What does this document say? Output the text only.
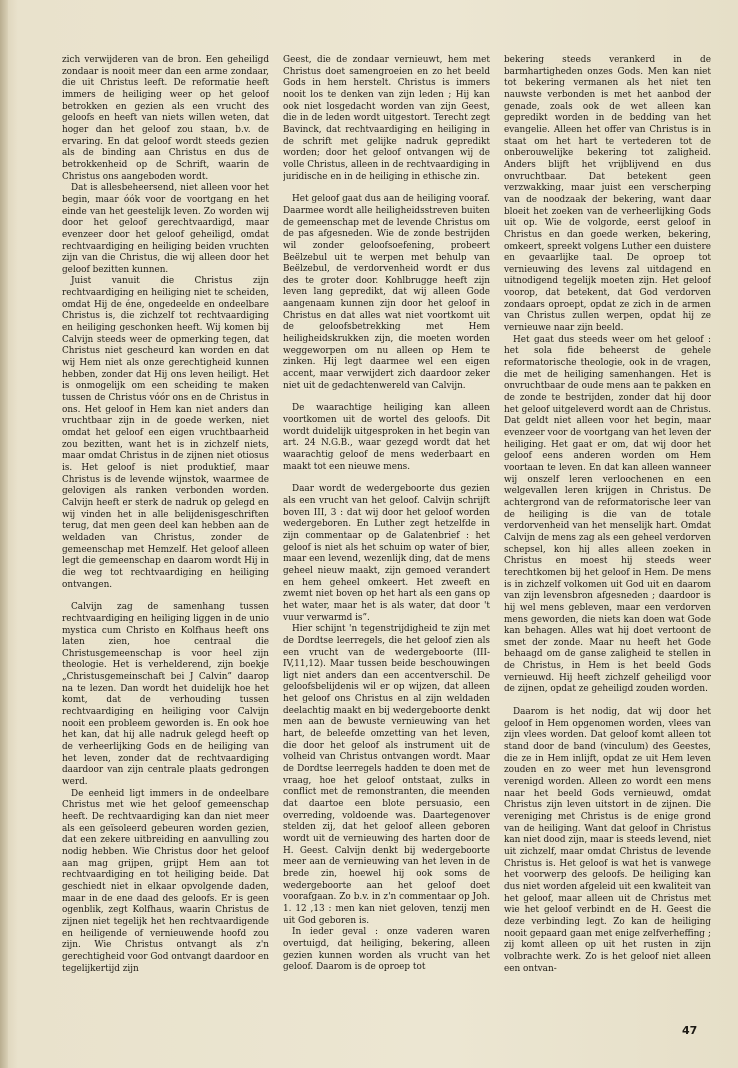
zich verwijderen van de bron. Een geheiligd zondaar is nooit meer dan een arme zondaar, die uit Christus leeft. De reformatie heeft immers de heiliging weer op het geloof betrokken en gezien als een vrucht des geloofs en heeft van niets willen weten, dat hoger dan het geloof zou staan, b.v. de ervaring. En dat geloof wordt steeds gezien als de binding aan Christus en dus de betrokkenheid op de Schrift, waarin de Christus ons aangeboden wordt.

Dat is allesbeheersend, niet alleen voor het begin, maar óók voor de voortgang en het einde van het geestelijk leven. Zo worden wij door het geloof gerechtvaardigd, maar evenzeer door het geloof geheiligd, omdat rechtvaardiging en heiliging beiden vruchten zijn van die Christus, die wij alleen door het geloof bezitten kunnen.

Juist vanuit die Christus zijn rechtvaardiging en heiliging niet te scheiden, omdat Hij de éne, ongedeelde en ondeelbare Christus is, die zichzelf tot rechtvaardiging en heiliging geschonken heeft. Wij komen bij Calvijn steeds weer de opmerking tegen, dat Christus niet gescheurd kan worden en dat wij Hem niet als onze gerechtigheid kunnen hebben, zonder dat Hij ons leven heiligt. Het is onmogelijk om een scheiding te maken tussen de Christus vóór ons en de Christus in ons. Het geloof in Hem kan niet anders dan vruchtbaar zijn in de goede werken, niet omdat het geloof een eigen vruchtbaarheid zou bezitten, want het is in zichzelf niets, maar omdat Christus in de zijnen niet otiosus is. Het geloof is niet produktief, maar Christus is de levende wijnstok, waarmee de gelovigen als ranken verbonden worden. Calvijn heeft er sterk de nadruk op gelegd en wij vinden het in alle belijdenisgeschriften terug, dat men geen deel kan hebben aan de weldaden van Christus, zonder de gemeenschap met Hemzelf. Het geloof alleen legt die gemeenschap en daarom wordt Hij in die weg tot rechtvaardiging en heiliging ontvangen.

Calvijn zag de samenhang tussen rechtvaardiging en heiliging liggen in de unio mystica cum Christo en Kolfhaus heeft ons laten zien, hoe centraal die Christusgemeenschap is voor heel zijn theologie. Het is verhelderend, zijn boekje „Christusgemeinschaft bei J Calvin” daarop na te lezen. Dan wordt het duidelijk hoe het komt, dat de verhouding tussen rechtvaardiging en heiliging voor Calvijn nooit een probleem geworden is. En ook hoe het kan, dat hij alle nadruk gelegd heeft op de verheerlijking Gods en de heiliging van het leven, zonder dat de rechtvaardiging daardoor van zijn centrale plaats gedrongen werd.

De eenheid ligt immers in de ondeelbare Christus met wie het geloof gemeenschap heeft. De rechtvaardiging kan dan niet meer als een geïsoleerd gebeuren worden gezien, dat een zekere uitbreiding en aanvulling zou nodig hebben. Wie Christus door het geloof aan mag grijpen, grijpt Hem aan tot rechtvaardiging en tot heiliging beide. Dat geschiedt niet in elkaar opvolgende daden, maar in de ene daad des geloofs. Er is geen ogenblik, zegt Kolfhaus, waarin Christus de zijnen niet tegelijk het hen rechtvaardigende en heiligende of vernieuwende hoofd zou zijn. Wie Christus ontvangt als z'n gerechtigheid voor God ontvangt daardoor en tegelijkertijd zijn

Geest, die de zondaar vernieuwt, hem met Christus doet samengroeien en zo het beeld Gods in hem herstelt. Christus is immers nooit los te denken van zijn leden ; Hij kan ook niet losgedacht worden van zijn Geest, die in de leden wordt uitgestort. Terecht zegt Bavinck, dat rechtvaardiging en heiliging in de schrift met gelijke nadruk gepredikt worden; door het geloof ontvangen wij de volle Christus, alleen in de rechtvaardiging in juridische en in de heiliging in ethische zin.

Het geloof gaat dus aan de heiliging vooraf. Daarmee wordt alle heiligheidsstreven buiten de gemeenschap met de levende Christus om de pas afgesneden. Wie de zonde bestrijden wil zonder geloofsoefening, probeert Beëlzebul uit te werpen met behulp van Beëlzebul, de verdorvenheid wordt er dus des te groter door. Kohlbrugge heeft zijn leven lang gepredikt, dat wij alleen Gode aangenaam kunnen zijn door het geloof in Christus en dat alles wat niet voortkomt uit de geloofsbetrekking met Hem heiligheidskrukken zijn, die moeten worden weggeworpen om nu alleen op Hem te zinken. Hij legt daarmee wel een eigen accent, maar verwijdert zich daardoor zeker niet uit de gedachtenwereld van Calvijn.

De waarachtige heiliging kan alleen voortkomen uit de wortel des geloofs. Dit wordt duidelijk uitgesproken in het begin van art. 24 N.G.B., waar gezegd wordt dat het waarachtig geloof de mens wederbaart en maakt tot een nieuwe mens.

Daar wordt de wedergeboorte dus gezien als een vrucht van het geloof. Calvijn schrijft boven III, 3 : dat wij door het geloof worden wedergeboren. En Luther zegt hetzelfde in zijn commentaar op de Galatenbrief : het geloof is niet als het schuim op water of bier, maar een levend, wezenlijk ding, dat de mens geheel nieuw maakt, zijn gemoed verandert en hem geheel omkeert. Het zweeft en zwemt niet boven op het hart als een gans op het water, maar het is als water, dat door 't vuur verwarmd is”.

Hier schijnt 'n tegenstrijdigheid te zijn met de Dordtse leerregels, die het geloof zien als een vrucht van de wedergeboorte (III-IV,11,12). Maar tussen beide beschouwingen ligt niet anders dan een accentverschil. De geloofsbelijdenis wil er op wijzen, dat alleen het geloof ons Christus en al zijn weldaden deelachtig maakt en bij wedergeboorte denkt men aan de bewuste vernieuwing van het hart, de beleefde omzetting van het leven, die door het geloof als instrument uit de volheid van Christus ontvangen wordt. Maar de Dordtse leerregels hadden te doen met de vraag, hoe het geloof ontstaat, zulks in conflict met de remonstranten, die meenden dat daartoe een blote persuasio, een overreding, voldoende was. Daartegenover stelden zij, dat het geloof alleen geboren wordt uit de vernieuwing des harten door de H. Geest. Calvijn denkt bij wedergeboorte meer aan de vernieuwing van het leven in de brede zin, hoewel hij ook soms de wedergeboorte aan het geloof doet voorafgaan. Zo b.v. in z'n commentaar op Joh. 1. 12 ,13 : men kan niet geloven, tenzij men uit God geboren is.

In ieder geval : onze vaderen waren overtuigd, dat heiliging, bekering, alleen gezien kunnen worden als vrucht van het geloof. Daarom is de oproep tot

bekering steeds verankerd in de barmhartigheden onzes Gods. Men kan niet tot bekering vermanen als het niet ten nauwste verbonden is met het aanbod der genade, zoals ook de wet alleen kan gepredikt worden in de bedding van het evangelie. Alleen het offer van Christus is in staat om het hart te vertederen tot de onberouwelijke bekering tot zaligheid. Anders blijft het vrijblijvend en dus onvruchtbaar. Dat betekent geen verzwakking, maar juist een verscherping van de noodzaak der bekering, want daar bloeit het zoeken van de verheerlijking Gods uit op. Wie de volgorde, eerst geloof in Christus en dan goede werken, bekering, omkeert, spreekt volgens Luther een duistere en gevaarlijke taal. De oproep tot vernieuwing des levens zal uitdagend en uitnodigend tegelijk moeten zijn. Het geloof voorop, dat betekent, dat God verdorven zondaars oproept, opdat ze zich in de armen van Christus zullen werpen, opdat hij ze vernieuwe naar zijn beeld.

Het gaat dus steeds weer om het geloof : het sola fide beheerst de gehele reformatorische theologie, ook in de vragen, die met de heiliging samenhangen. Het is onvruchtbaar de oude mens aan te pakken en de zonde te bestrijden, zonder dat hij door het geloof uitgeleverd wordt aan de Christus. Dat geldt niet alleen voor het begin, maar evenzeer voor de voortgang van het leven der heiliging. Het gaat er om, dat wij door het geloof eens anderen worden om Hem voortaan te leven. En dat kan alleen wanneer wij onszelf leren verloochenen en een welgevallen leren krijgen in Christus. De achtergrond van de reformatorische leer van de heiliging is die van de totale verdorvenheid van het menselijk hart. Omdat Calvijn de mens zag als een geheel verdorven schepsel, kon hij alles alleen zoeken in Christus en moest hij steeds weer terechtkomen bij het geloof in Hem. De mens is in zichzelf volkomen uit God uit en daarom van zijn levensbron afgesneden ; daardoor is hij wel mens gebleven, maar een verdorven mens geworden, die niets kan doen wat Gode kan behagen. Alles wat hij doet vertoont de smet der zonde. Maar nu heeft het Gode behaagd om de ganse zaligheid te stellen in de Christus, in Hem is het beeld Gods vernieuwd. Hij heeft zichzelf geheiligd voor de zijnen, opdat ze geheiligd zouden worden.

Daarom is het nodig, dat wij door het geloof in Hem opgenomen worden, vlees van zijn vlees worden. Dat geloof komt alleen tot stand door de band (vinculum) des Geestes, die ze in Hem inlijft, opdat ze uit Hem leven zouden en zo weer met hun levensgrond verenigd worden. Alleen zo wordt een mens naar het beeld Gods vernieuwd, omdat Christus zijn leven uitstort in de zijnen. Die vereniging met Christus is de enige grond van de heiliging. Want dat geloof in Christus kan niet dood zijn, maar is steeds levend, niet uit zichzelf, maar omdat Christus de levende Christus is. Het geloof is wat het is vanwege het voorwerp des geloofs. De heiliging kan dus niet worden afgeleid uit een kwaliteit van het geloof, maar alleen uit de Christus met wie het geloof verbindt en de H. Geest die deze verbinding legt. Zo kan de heiliging nooit gepaard gaan met enige zelfverheffing ; zij komt alleen op uit het rusten in zijn volbrachte werk. Zo is het geloof niet alleen een ontvan-

47
